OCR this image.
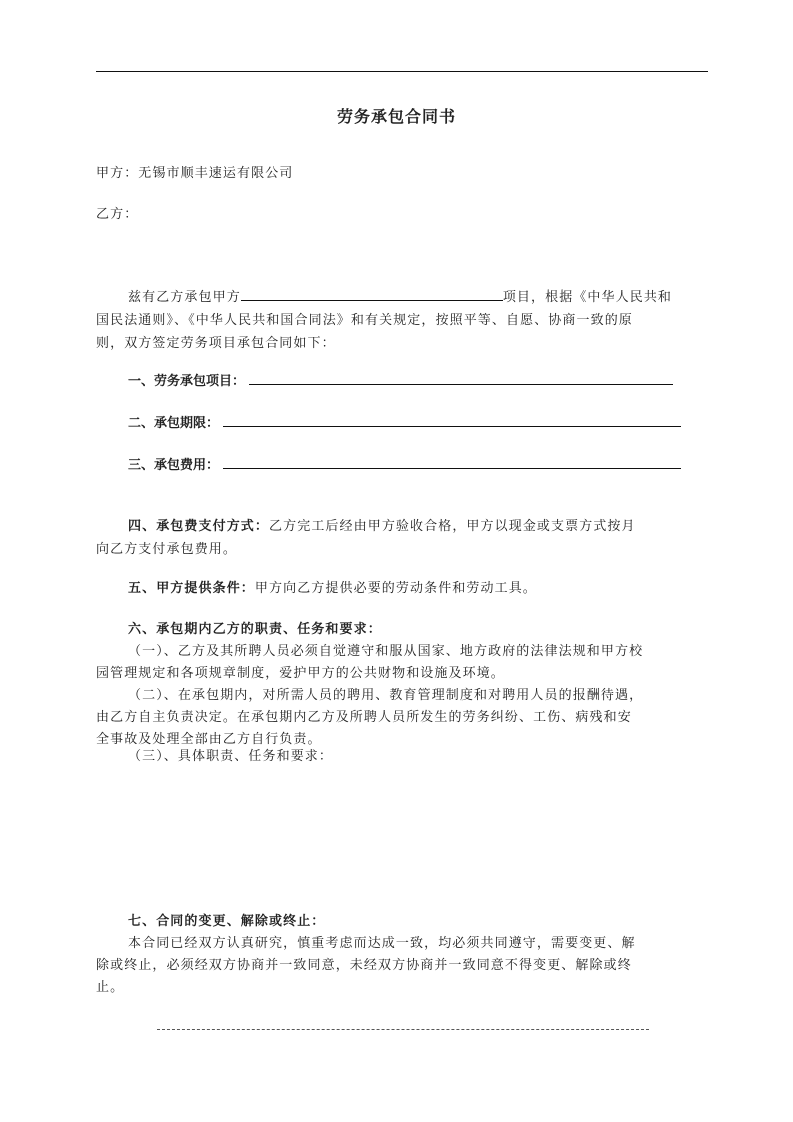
劳务承包合同书
甲方：无锡市顺丰速运有限公司
乙方：
兹有乙方承包甲方	项目，根据《中华人民共和
国民法通则》、《中华人民共和国合同法》和有关规定，按照平等、自愿、协商一致的原
则，双方签定劳务项目承包合同如下：
一、劳务承包项目：
二、承包期限：
三、承包费用：
四、承包费支付方式：乙方完工后经由甲方验收合格，甲方以现金或支票方式按月
向乙方支付承包费用。
五、甲方提供条件：甲方向乙方提供必要的劳动条件和劳动工具。
六、承包期内乙方的职责、任务和要求：
（一）、乙方及其所聘人员必须自觉遵守和服从国家、地方政府的法律法规和甲方校
园管理规定和各项规章制度，爱护甲方的公共财物和设施及环境。
（二）、在承包期内，对所需人员的聘用、教育管理制度和对聘用人员的报酬待遇，
由乙方自主负责决定。在承包期内乙方及所聘人员所发生的劳务纠纷、工伤、病残和安
全事故及处理全部由乙方自行负责。
（三）、具体职责、任务和要求：
七、合同的变更、解除或终止：
本合同已经双方认真研究，慎重考虑而达成一致，均必须共同遵守，需要变更、解
除或终止，必须经双方协商并一致同意，未经双方协商并一致同意不得变更、解除或终
止。
